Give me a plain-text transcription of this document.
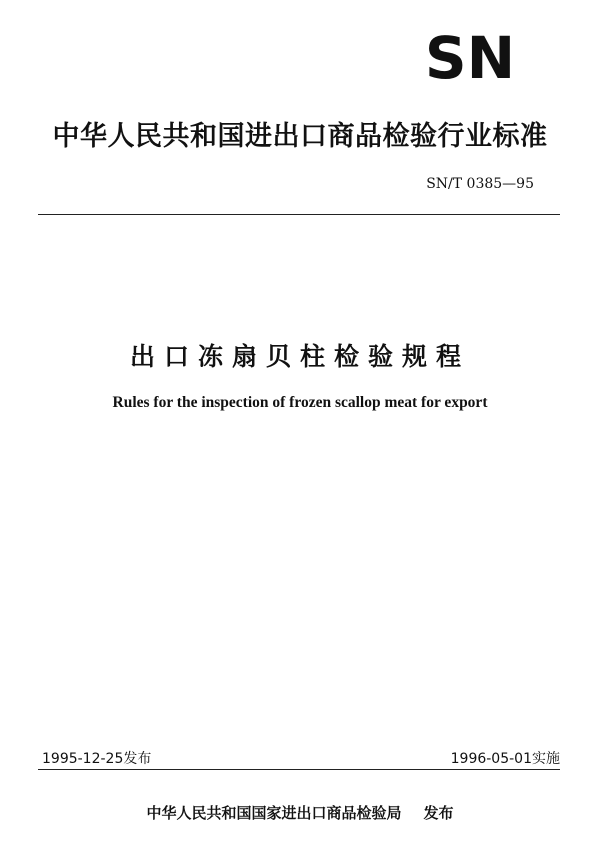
SN
中华人民共和国进出口商品检验行业标准
SN/T 0385—95
出口冻扇贝柱检验规程
Rules for the inspection of frozen scallop meat for export
1995-12-25发布	1996-05-01实施
中华人民共和国国家进出口商品检验局 发布
